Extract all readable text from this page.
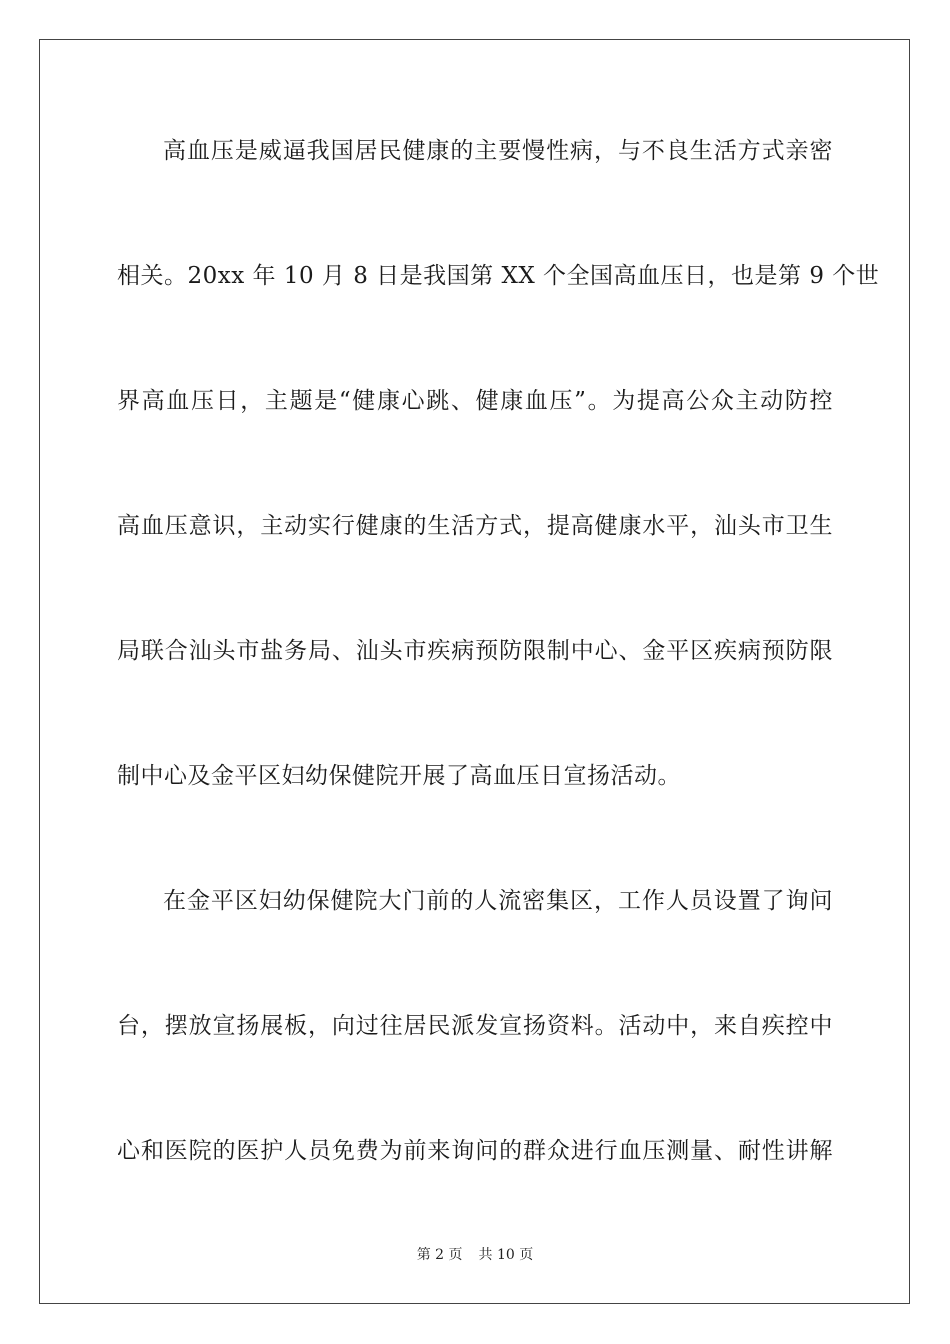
高血压是威逼我国居民健康的主要慢性病，与不良生活方式亲密
相关。20xx 年 10 月 8 日是我国第 XX 个全国高血压日，也是第 9 个世
界高血压日，主题是“健康心跳、健康血压”。为提高公众主动防控
高血压意识，主动实行健康的生活方式，提高健康水平，汕头市卫生
局联合汕头市盐务局、汕头市疾病预防限制中心、金平区疾病预防限
制中心及金平区妇幼保健院开展了高血压日宣扬活动。
在金平区妇幼保健院大门前的人流密集区，工作人员设置了询问
台，摆放宣扬展板，向过往居民派发宣扬资料。活动中，来自疾控中
心和医院的医护人员免费为前来询问的群众进行血压测量、耐性讲解
第 2 页 共 10 页
